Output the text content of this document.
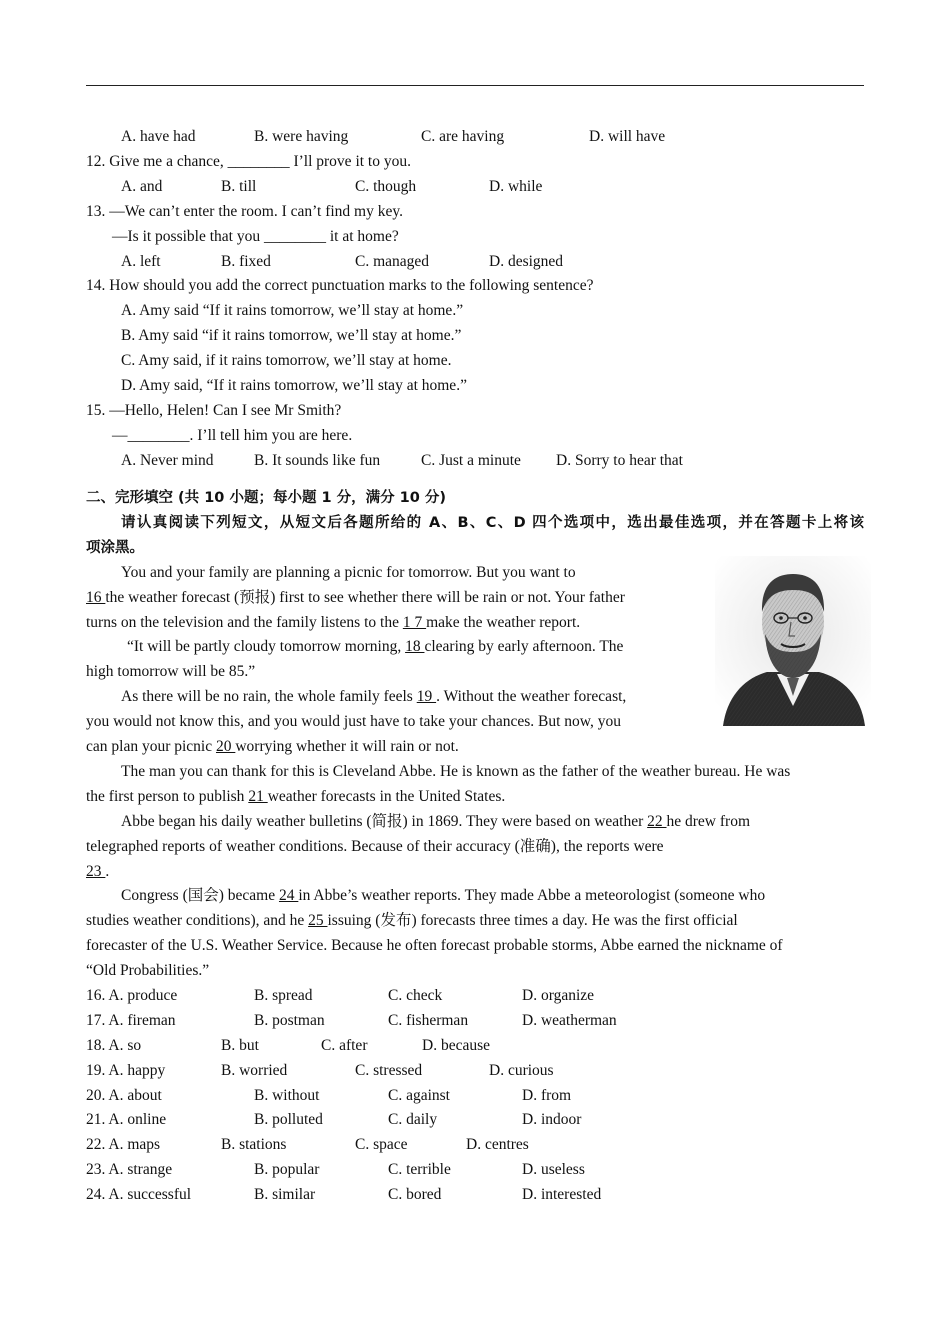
A. have had	B. were having	C. are having	D. will have
12. Give me a chance, ________ I’ll prove it to you.
A. and	B. till	C. though	D. while
13. —We can’t enter the room. I can’t find my key.
—Is it possible that you ________ it at home?
A. left	B. fixed	C. managed	D. designed
14. How should you add the correct punctuation marks to the following sentence?
A. Amy said “If it rains tomorrow, we’ll stay at home.”
B. Amy said “if it rains tomorrow, we’ll stay at home.”
C. Amy said, if it rains tomorrow, we’ll stay at home.
D. Amy said, “If it rains tomorrow, we’ll stay at home.”
15. —Hello, Helen! Can I see Mr Smith?
—________. I’ll tell him you are here.
A. Never mind	B. It sounds like fun	C. Just a minute D. Sorry to hear that
二、完形填空 (共 10 小题；每小题 1 分，满分 10 分)
请认真阅读下列短文，从短文后各题所给的 A、B、C、D 四个选项中，选出最佳选项，并在答题卡上将该
项涂黑。
You and your family are planning a picnic for tomorrow. But you want to
16 the weather forecast (预报) first to see whether there will be rain or not. Your father
turns on the television and the family listens to the 1 7 make the weather report.
“It will be partly cloudy tomorrow morning, 18 clearing by early afternoon. The
high tomorrow will be 85.”
As there will be no rain, the whole family feels 19 . Without the weather forecast,
you would not know this, and you would just have to take your chances. But now, you
can plan your picnic 20 worrying whether it will rain or not.
The man you can thank for this is Cleveland Abbe. He is known as the father of the weather bureau. He was
the first person to publish 21 weather forecasts in the United States.
Abbe began his daily weather bulletins (简报) in 1869. They were based on weather 22 he drew from
telegraphed reports of weather conditions. Because of their accuracy (准确), the reports were
23 .
Congress (国会) became 24 in Abbe’s weather reports. They made Abbe a meteorologist (someone who
studies weather conditions), and he 25 issuing (发布) forecasts three times a day. He was the first official
forecaster of the U.S. Weather Service. Because he often forecast probable storms, Abbe earned the nickname of
“Old Probabilities.”
16. A. produce	B. spread	C. check	D. organize
17. A. fireman	B. postman	C. fisherman	D. weatherman
18. A. so	B. but	C. after	D. because
19. A. happy	B. worried	C. stressed	D. curious
20. A. about	B. without	C. against	D. from
21. A. online	B. polluted	C. daily	D. indoor
22. A. maps	B. stations	C. space	D. centres
23. A. strange	B. popular	C. terrible	D. useless
24. A. successful	B. similar	C. bored	D. interested
